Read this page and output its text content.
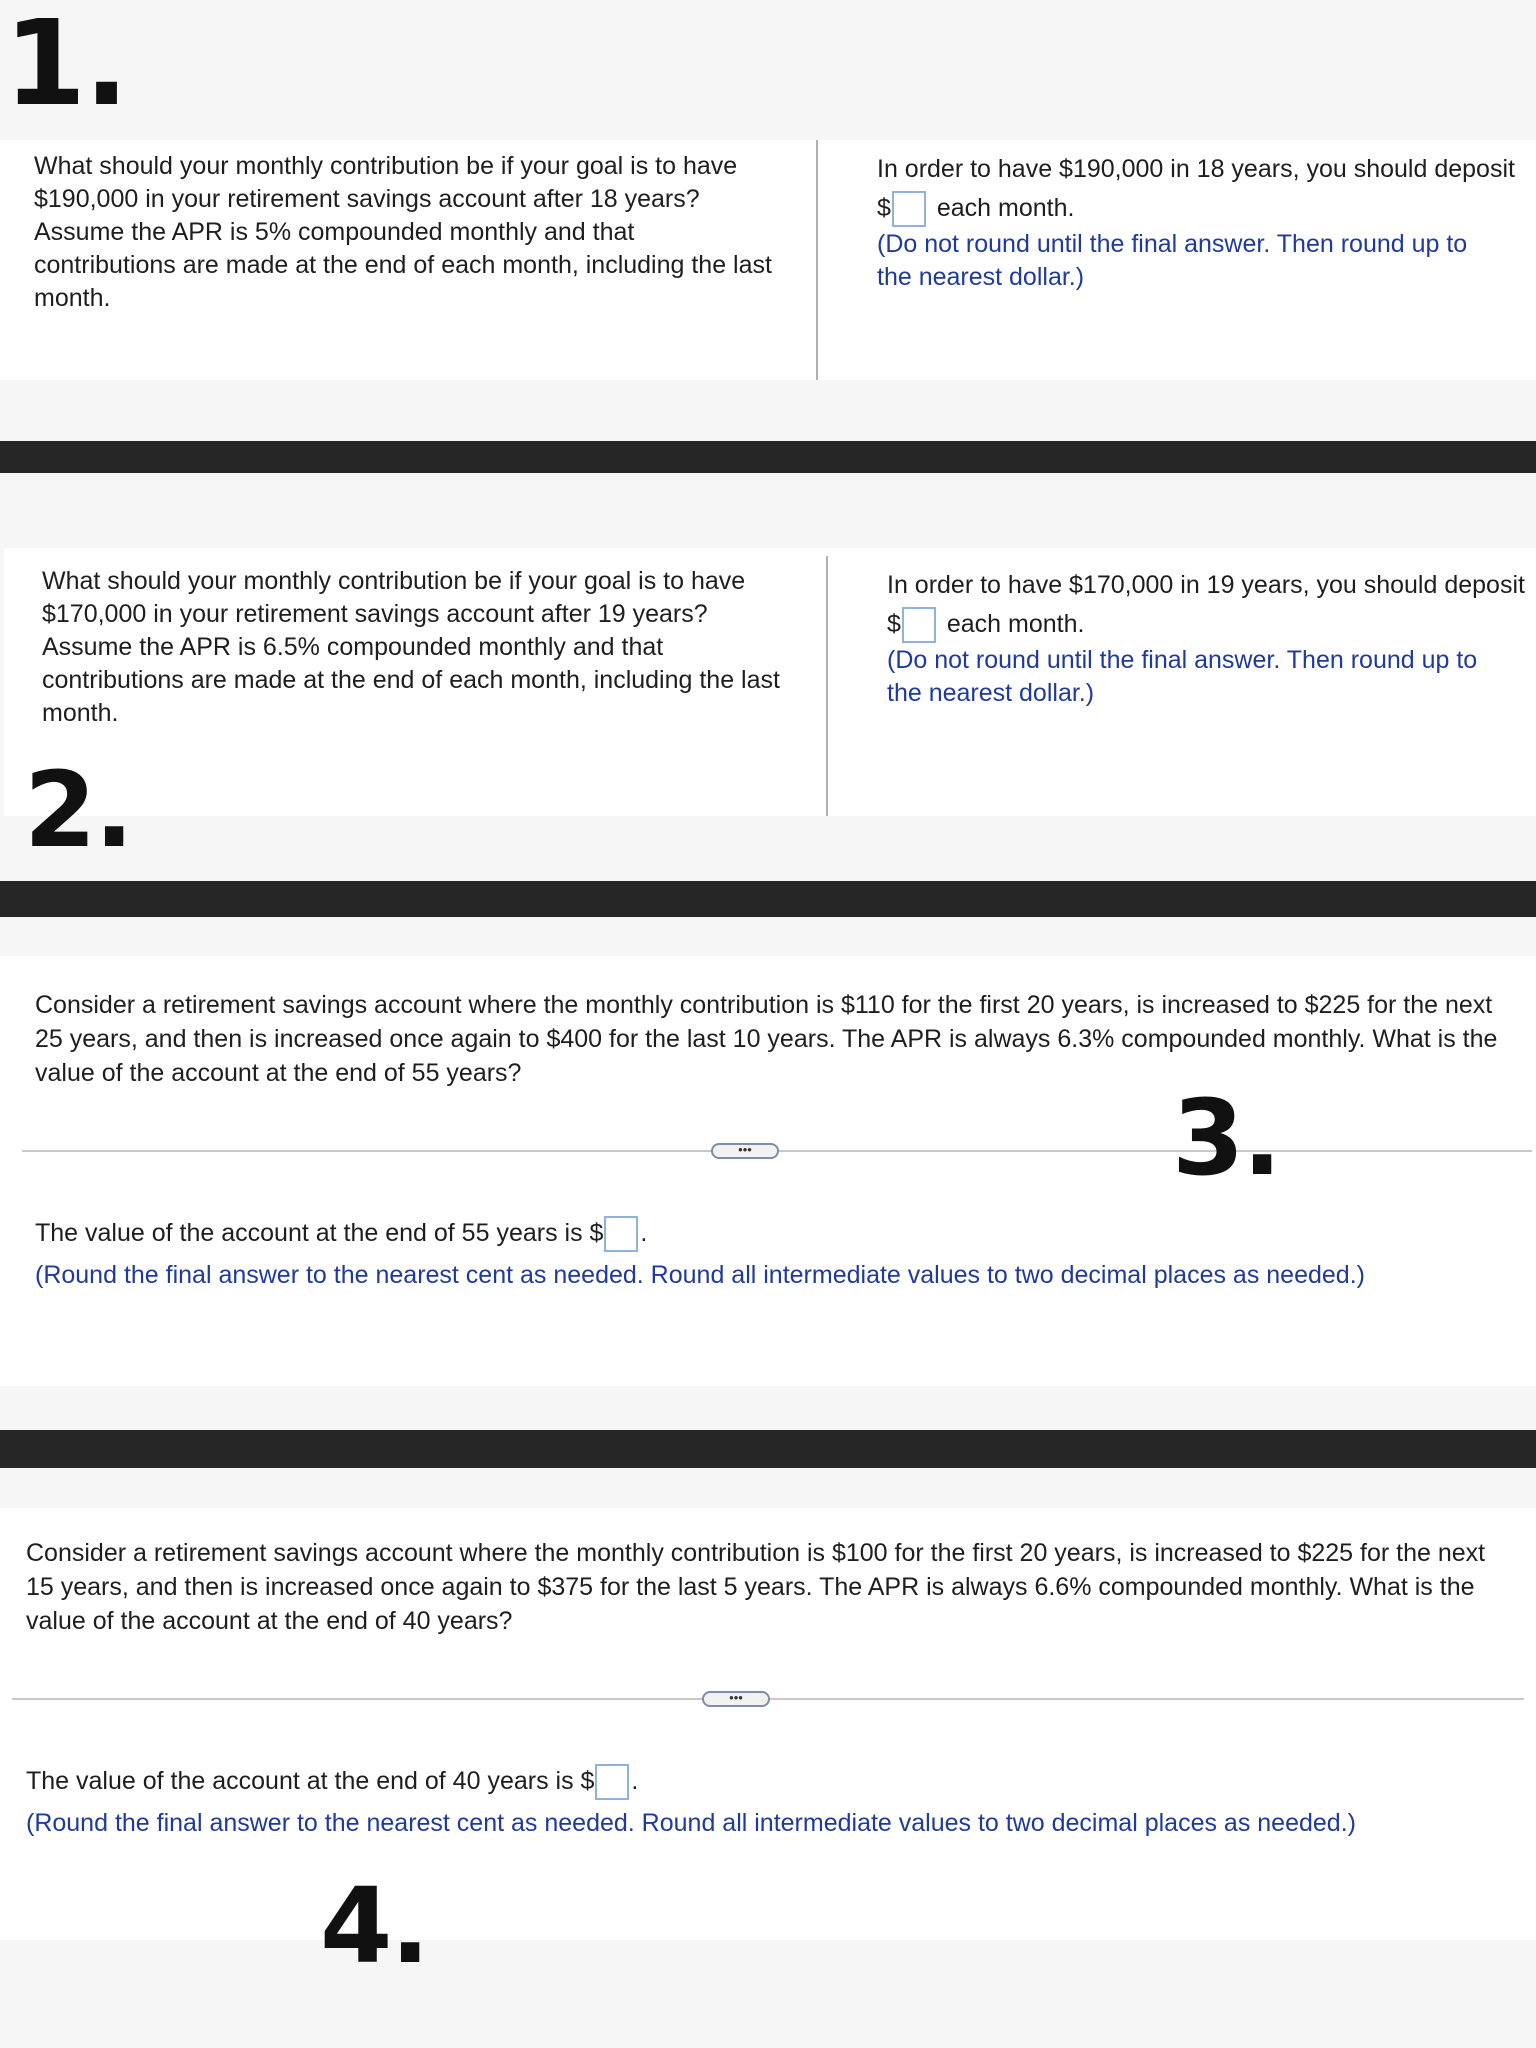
1.
What should your monthly contribution be if your goal is to have $190,000 in your retirement savings account after 18 years? Assume the APR is 5% compounded monthly and that contributions are made at the end of each month, including the last month.
In order to have $190,000 in 18 years, you should deposit $ each month.
(Do not round until the final answer. Then round up to the nearest dollar.)
What should your monthly contribution be if your goal is to have $170,000 in your retirement savings account after 19 years? Assume the APR is 6.5% compounded monthly and that contributions are made at the end of each month, including the last month.
2.
In order to have $170,000 in 19 years, you should deposit $ each month.
(Do not round until the final answer. Then round up to the nearest dollar.)
Consider a retirement savings account where the monthly contribution is $110 for the first 20 years, is increased to $225 for the next 25 years, and then is increased once again to $400 for the last 10 years. The APR is always 6.3% compounded monthly. What is the value of the account at the end of 55 years?
•••	3.
The value of the account at the end of 55 years is $ .
(Round the final answer to the nearest cent as needed. Round all intermediate values to two decimal places as needed.)
Consider a retirement savings account where the monthly contribution is $100 for the first 20 years, is increased to $225 for the next 15 years, and then is increased once again to $375 for the last 5 years. The APR is always 6.6% compounded monthly. What is the value of the account at the end of 40 years?
•••
The value of the account at the end of 40 years is $ .
(Round the final answer to the nearest cent as needed. Round all intermediate values to two decimal places as needed.)
4.
